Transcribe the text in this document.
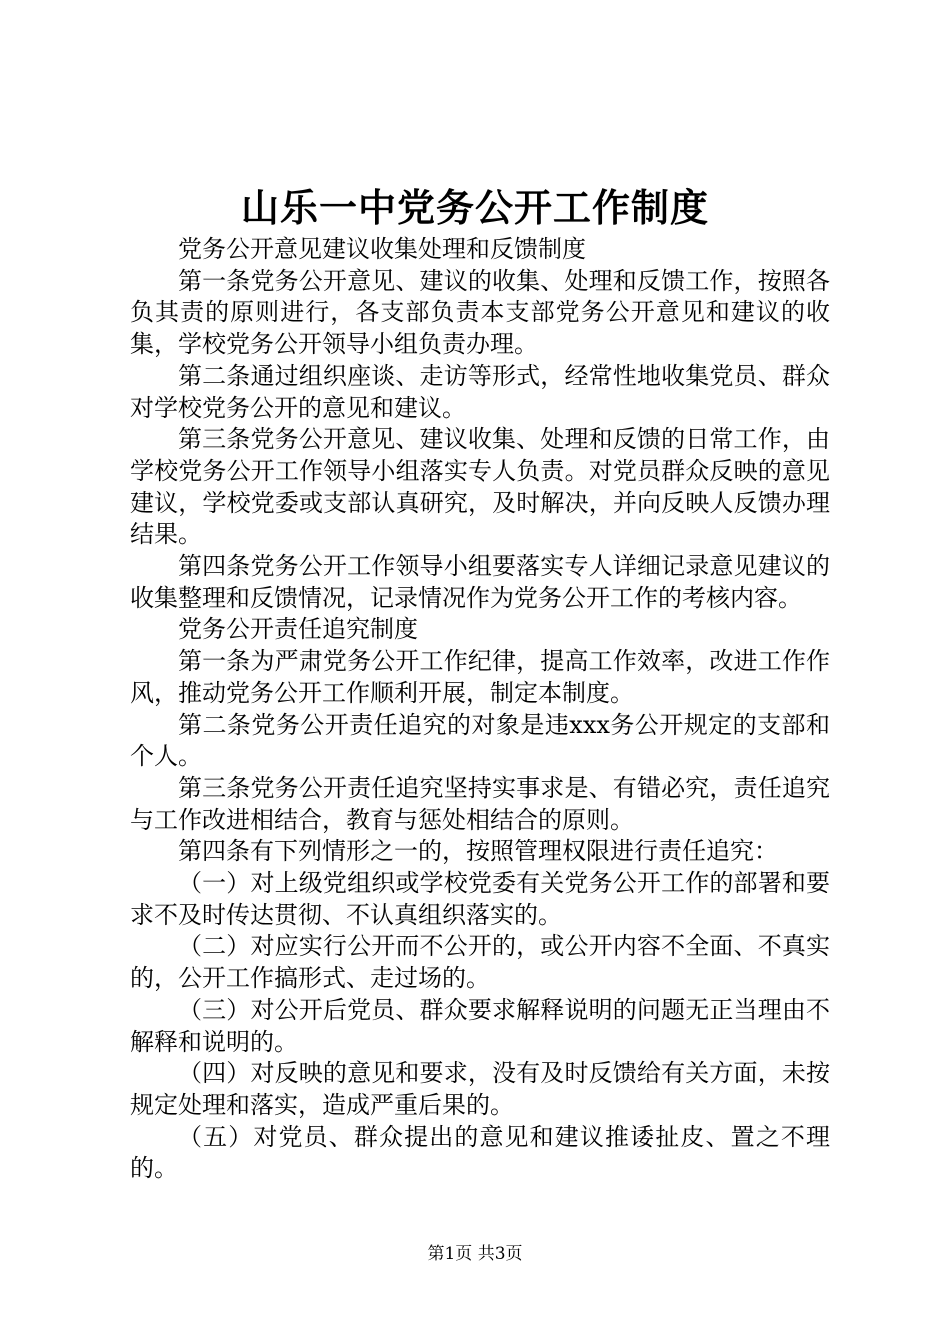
山乐一中党务公开工作制度

党务公开意见建议收集处理和反馈制度

第一条党务公开意见、建议的收集、处理和反馈工作，按照各负其责的原则进行，各支部负责本支部党务公开意见和建议的收集，学校党务公开领导小组负责办理。

第二条通过组织座谈、走访等形式，经常性地收集党员、群众对学校党务公开的意见和建议。

第三条党务公开意见、建议收集、处理和反馈的日常工作，由学校党务公开工作领导小组落实专人负责。对党员群众反映的意见建议，学校党委或支部认真研究，及时解决，并向反映人反馈办理结果。

第四条党务公开工作领导小组要落实专人详细记录意见建议的收集整理和反馈情况，记录情况作为党务公开工作的考核内容。

党务公开责任追究制度

第一条为严肃党务公开工作纪律，提高工作效率，改进工作作风，推动党务公开工作顺利开展，制定本制度。

第二条党务公开责任追究的对象是违xxx务公开规定的支部和个人。

第三条党务公开责任追究坚持实事求是、有错必究，责任追究与工作改进相结合，教育与惩处相结合的原则。

第四条有下列情形之一的，按照管理权限进行责任追究：

（一）对上级党组织或学校党委有关党务公开工作的部署和要求不及时传达贯彻、不认真组织落实的。

（二）对应实行公开而不公开的，或公开内容不全面、不真实的，公开工作搞形式、走过场的。

（三）对公开后党员、群众要求解释说明的问题无正当理由不解释和说明的。

（四）对反映的意见和要求，没有及时反馈给有关方面，未按规定处理和落实，造成严重后果的。

（五）对党员、群众提出的意见和建议推诿扯皮、置之不理的。

第1页 共3页
